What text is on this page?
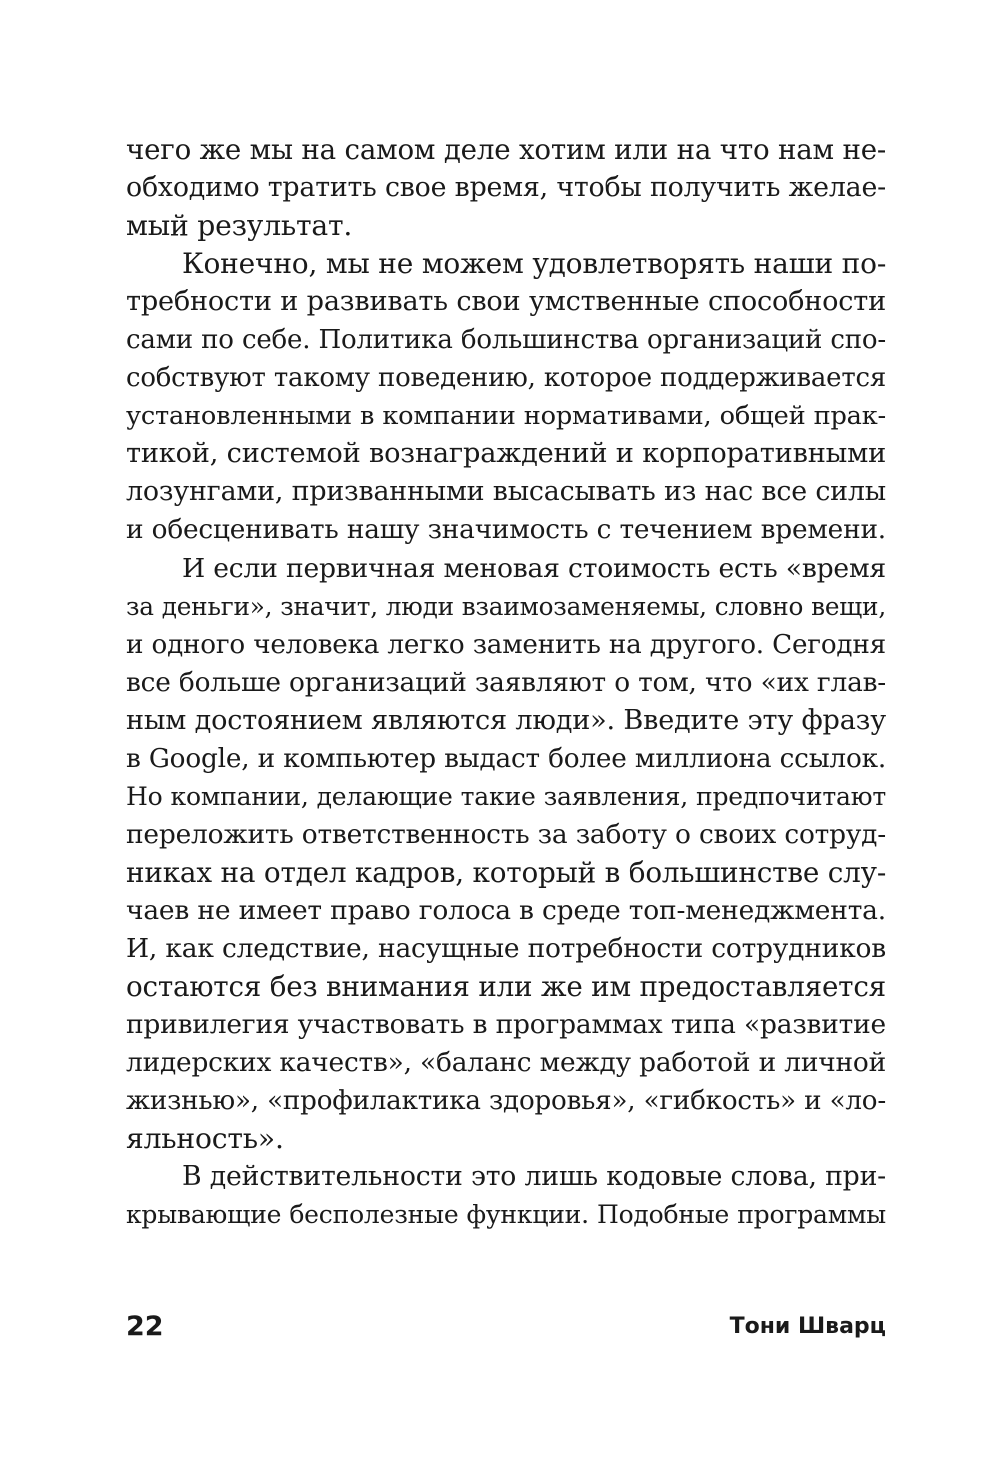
чего же мы на самом деле хотим или на что нам не-
обходимо тратить свое время, чтобы получить желае-
мый результат.
Конечно, мы не можем удовлетворять наши по-
требности и развивать свои умственные способности
сами по себе. Политика большинства организаций спо-
собствуют такому поведению, которое поддерживается
установленными в компании нормативами, общей прак-
тикой, системой вознаграждений и корпоративными
лозунгами, призванными высасывать из нас все силы
и обесценивать нашу значимость с течением времени.
И если первичная меновая стоимость есть «время
за деньги», значит, люди взаимозаменяемы, словно вещи,
и одного человека легко заменить на другого. Сегодня
все больше организаций заявляют о том, что «их глав-
ным достоянием являются люди». Введите эту фразу
в Google, и компьютер выдаст более миллиона ссылок.
Но компании, делающие такие заявления, предпочитают
переложить ответственность за заботу о своих сотруд-
никах на отдел кадров, который в большинстве слу-
чаев не имеет право голоса в среде топ-менеджмента.
И, как следствие, насущные потребности сотрудников
остаются без внимания или же им предоставляется
привилегия участвовать в программах типа «развитие
лидерских качеств», «баланс между работой и личной
жизнью», «профилактика здоровья», «гибкость» и «ло-
яльность».
В действительности это лишь кодовые слова, при-
крывающие бесполезные функции. Подобные программы
22	Тони Шварц
